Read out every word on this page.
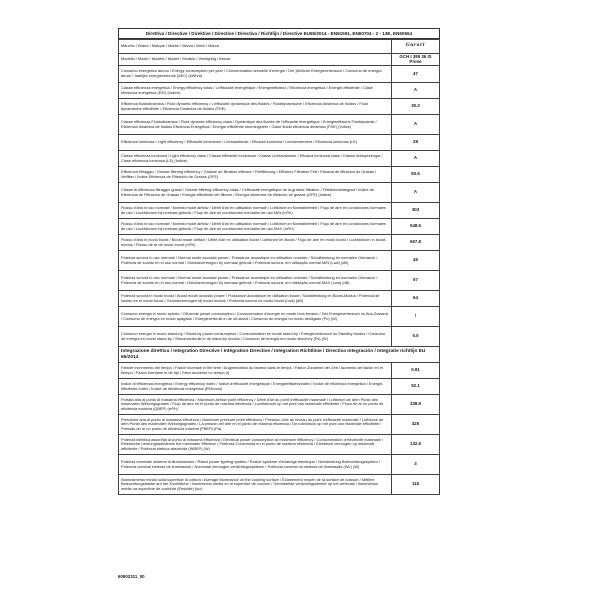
Direttiva / Directive / Direktive / Directive / Directiva / Richtlijn / Directive EU65/2014 - EN61591, EN60704 - 2 - 13E, EN60564
Marchio / Brand / Marque / Marke / Marca / Merk / Marca	Gurari
Modello / Model / Modèle / Modell / Modelo / Verwijzing / Brecar	GCH I 385 36 IS Prime
Consumo energetico annuo / Energy consumption per year / Consommation annuelle d'énergie / Der jährliche Energieverbrauch / Consumo de energía anual / Jaarlijks energieverbruik (AEC) (kWh/a)	47
Classe efficienza energetica / Energy efficiency class / L'efficacité énergétique / Energieeffizienz / Eficiencia energética / Energie-efficiëntie / Clase eficiencia energética (EEI) (Indice)	A
Efficienza fluidodinamica / Fluid dynamic efficiency / L'efficacité dynamique des fluides / Fluiddynamische / Eficiencia dinámica de fluidos / Fluid dynamische efficiëntie / Eficiencia Dinámica de fluidos (FDE)	30.2
Classe efficienza Fluidodinamica / Fluid dynamic efficiency class / Dynamique des fluides de l'efficacité énergétique / Energieeffizienz Fluiddynamik / Eficiencia dinámica de fluidos Eficiencia Energética / Energie-efficiëntie stromingsleer / Clase fluido eficiencia dinámica (FDE) (Indice)	A
Efficienza luminosa / Light efficiency / Efficacité lumineuse / Lichtausbeute / Eficacia luminosa / Lichtrendement / Eficiencia luminosa (LE)	28
Classe efficienza luminosa / Light efficiency class / Classe efficacité lumineuse / Klasse Lichtausbeute / Eficacia luminosa clase / Klasse lichtopbrengst / Clase eficiencia luminosa (LE) (Indice)	A
Efficienza filtraggio / Grease filtering efficiency / Graisse de filtration efficace / Fettfilterung / Effizienz Filtration Fett / Eficacia de filtración de Grasas / Vetfilter / Índice Eficiencia de Filtración de Grasas (GFE)	83.6
Classe di efficienza filtraggio grassi / Grease filtering efficiency class / L'efficacité énergétique de la graisse filtration / Fettabscheidegrad / Índice de Eficiencia de Filtración de Grasas / Energie-efficiëntie vet filteren / Energía eficiencia de filtración de grasas (GFE) (Indice)	A
Flusso d'aria in uso normale / Normal mode airflow / Débit d'air en utilisation normale / Luftstrom im Normalbetrieb / Flujo de aire en condiciones normales de uso / Luchtstroom bij normaal gebruik / Flujo de aire en condiciones normales de uso MIN (m³/h)	303
Flusso d'aria in uso normale / Normal mode airflow / Débit d'air en utilisation normale / Luftstrom im Normalbetrieb / Flujo de aire en condiciones normales de uso / Luchtstroom bij normaal gebruik / Flujo de aire en condiciones normales de uso MAX (m³/h)	548.5
Flusso d'aria in modo boost / Boost mode airflow / Débit d'air en utilisation boost / Luftstrom im Boost / Flujo de aire en modo boost / Luchtstroom in boost-modus / Flusso de ar de modo boost (m³/h)	667.8
Potenza sonora in uso normale / Normal mode acoustic power / Puissance acoustique en utilisation normale / Schallleistung im normalen Gebrauch / Potencia de sonido en el uso normal / Geluidsvermogen bij normaal gebruik / Potencia sonora, em utilização normal MIN (Lwa) (dB)	45
Potenza sonora in uso normale / Normal mode acoustic power / Puissance acoustique en utilisation normale / Schallleistung im normalen Gebrauch / Potencia de sonido en el uso normal / Geluidsvermogen bij normaal gebruik / Potencia sonora, em utilização normal MAX (Lwa) (dB)	57
Potenza sonora in modo boost / Boost mode acoustic power / Puissance acoustique en utilisation boost / Schallleistung im Boost-Modus / Potencia de sonido en el modo boost / Geluidsvermogen bij boost-modus / Potencia sonora no modo boost (Lwa) (dB)	64
Consumo energia in modo spento / Off-mode power consumption / Consommation d'énergie en mode hors tension / Der Energieverbrauch im Aus-Zustand / Consumo de energía en modo apagado / Energieverbruik in de uit-stand / Consumo de energia no modo desligado (Po) (W)	/
Consumo energia in modo stand-by / Stand-by power consumption / Consommation en mode stand-by / Energieverbrauch im Standby Modus / Consumo de energía en modo stand-by / Stroomverbruik in de stand-by modus / Consumo de energia em modo stand-by (Ps) (W)	0.5
Integrazione direttiva / Integration Directive / Intégration Directive / Integration Richtlinie / Directiva Integración / Integratie richtlijn EU 66/2014	
Fattore incremento nel tempo / Factor increase in the time / Augmentation du facteur dans le temps / Faktor Zunahme der Zeit / Aumento del factor en el tiempo / Factor toename in de tijd / Fator aumento no tempo (f)	0.91
Indice di efficienza energetica / Energy efficiency index / Indice d'efficacité énergétique / Energieeffizienzindex / Índice de eficiencia energética / Energie-efficiëntie-index / Índice de eficiência energética (EEIhood)	52.1
Portata aria al punto di massima efficienza / Maximum airflow point efficiency / Débit d'air au point d'efficacité maximale / Luftstrom an dem Punkt des maximalen Wirkungsgrades / Flujo de aire en el punto de máxima eficiencia / Luchtstroom op het punt van maximale efficiëntie / Fluxo de ar no ponto de eficiência máxima (QBEP) (m³/h)	338.9
Pressione aria al punto di massima efficienza / Maximum pressure point efficiency / Pression d'air au niveau du point d'efficacité maximale / Luftdruck an dem Punkt des maximalen Wirkungsgrades / La presión del aire en el punto de máxima eficiencia / De luchtdruck op het punt van maximale efficiëntie / Pressão do ar no ponto de eficiência máxima (PBEP) (Pa)	425
Potenza elettrica assorbita al punto di massima efficienza / Electrical power consumption at maximum efficiency / Consommation d'électricité maximale / Elektrische Leistungsaufnahme bei maximaler Effizienz / Potencia Consumida en el punto de máxima eficiencia / Elektrisch vermogen op maximale efficiëntie / Potência elétrica absorvida (WBEP) (W)	132.6
Potenza nominale sistema di illuminazione / Rated power lighting system / Évalué système d'éclairage électrique / Nennleistung Beleuchtungssystem / Potencia nominal sistema de iluminación / Nominaal vermogen verlichtingssysteem / Potência nominal do sistema de iluminação (WL) (W)	3
Illuminamento medio sulla superficie di cottura / Average illuminance on the cooking surface / Éclairement moyen de la surface de cuisson / Mittlere Beleuchtungsstärke auf der Kochfläche / Iluminancia media en la superficie de cocción / Gemiddelde verlichtingssterkte op het werkvlak / Iluminância média na superfície de cozinhar (Emiddle) (lux)	116
60902311_00
